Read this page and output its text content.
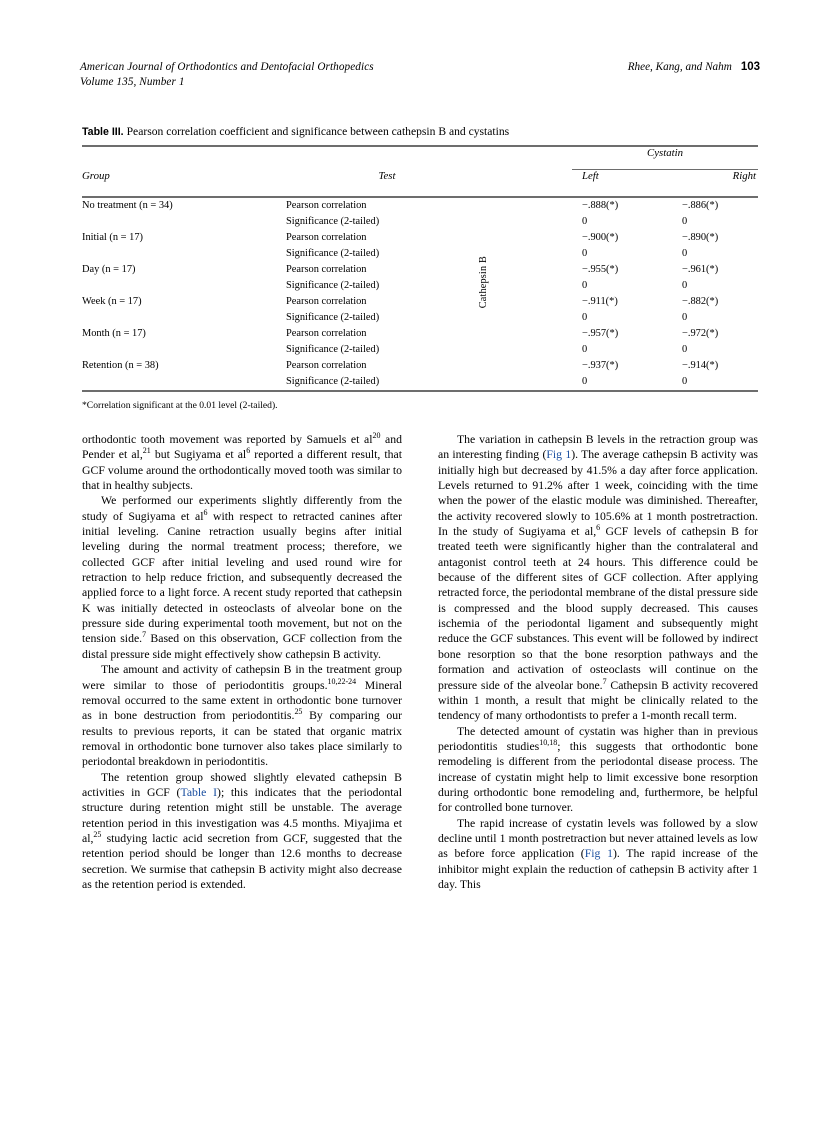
American Journal of Orthodontics and Dentofacial Orthopedics
Volume 135, Number 1
Rhee, Kang, and Nahm 103
Table III. Pearson correlation coefficient and significance between cathepsin B and cystatins
			Cystatin	

Group	Test		Left	Right

No treatment (n = 34)	Pearson correlation		−.888(*)	−.886(*)
	Significance (2-tailed)		0	0
Initial (n = 17)	Pearson correlation		−.900(*)	−.890(*)
	Significance (2-tailed)		0	0
Day (n = 17)	Pearson correlation		−.955(*)	−.961(*)
	Significance (2-tailed)		0	0
Week (n = 17)	Pearson correlation		−.911(*)	−.882(*)
	Significance (2-tailed)		0	0
Month (n = 17)	Pearson correlation		−.957(*)	−.972(*)
	Significance (2-tailed)		0	0
Retention (n = 38)	Pearson correlation		−.937(*)	−.914(*)
	Significance (2-tailed)		0	0

Cathepsin B
*Correlation significant at the 0.01 level (2-tailed).

orthodontic tooth movement was reported by Samuels et $al^{20}$ and Pender et al,$^{21}$ but Sugiyama et $al^6$ reported a different result, that GCF volume around the orthodontically moved tooth was similar to that in healthy subjects.

We performed our experiments slightly differently from the study of Sugiyama et $al^6$ with respect to retracted canines after initial leveling. Canine retraction usually begins after initial leveling during the normal treatment process; therefore, we collected GCF after initial leveling and used round wire for retraction to help reduce friction, and subsequently decreased the applied force to a light force. A recent study reported that cathepsin K was initially detected in osteoclasts of alveolar bone on the pressure side during experimental tooth movement, but not on the tension side.$^7$ Based on this observation, GCF collection from the distal pressure side might effectively show cathepsin B activity.

The amount and activity of cathepsin B in the treatment group were similar to those of periodontitis groups.$^{10,22-24}$ Mineral removal occurred to the same extent in orthodontic bone turnover as in bone destruction from periodontitis.$^{25}$ By comparing our results to previous reports, it can be stated that organic matrix removal in orthodontic bone turnover also takes place similarly to periodontal breakdown in periodontitis.

The retention group showed slightly elevated cathepsin B activities in GCF (Table I); this indicates that the periodontal structure during retention might still be unstable. The average retention period in this investigation was 4.5 months. Miyajima et al,$^{25}$ studying lactic acid secretion from GCF, suggested that the retention period should be longer than 12.6 months to decrease secretion. We surmise that cathepsin B activity might also decrease as the retention period is extended.

The variation in cathepsin B levels in the retraction group was an interesting finding (Fig 1). The average cathepsin B activity was initially high but decreased by 41.5% a day after force application. Levels returned to 91.2% after 1 week, coinciding with the time when the power of the elastic module was diminished. Thereafter, the activity recovered slowly to 105.6% at 1 month postretraction. In the study of Sugiyama et al,$^6$ GCF levels of cathepsin B for treated teeth were significantly higher than the contralateral and antagonist control teeth at 24 hours. This difference could be because of the different sites of GCF collection. After applying retracted force, the periodontal membrane of the distal pressure side is compressed and the blood supply decreased. This causes ischemia of the periodontal ligament and subsequently might reduce the GCF substances. This event will be followed by indirect bone resorption so that the bone resorption pathways and the formation and activation of osteoclasts will continue on the pressure side of the alveolar bone.$^7$ Cathepsin B activity recovered within 1 month, a result that might be clinically related to the tendency of many orthodontists to prefer a 1-month recall term.

The detected amount of cystatin was higher than in previous periodontitis studies$^{10,18}$; this suggests that orthodontic bone remodeling is different from the periodontal disease process. The increase of cystatin might help to limit excessive bone resorption during orthodontic bone remodeling and, furthermore, be helpful for controlled bone turnover.

The rapid increase of cystatin levels was followed by a slow decline until 1 month postretraction but never attained levels as low as before force application (Fig 1). The rapid increase of the inhibitor might explain the reduction of cathepsin B activity after 1 day. This
